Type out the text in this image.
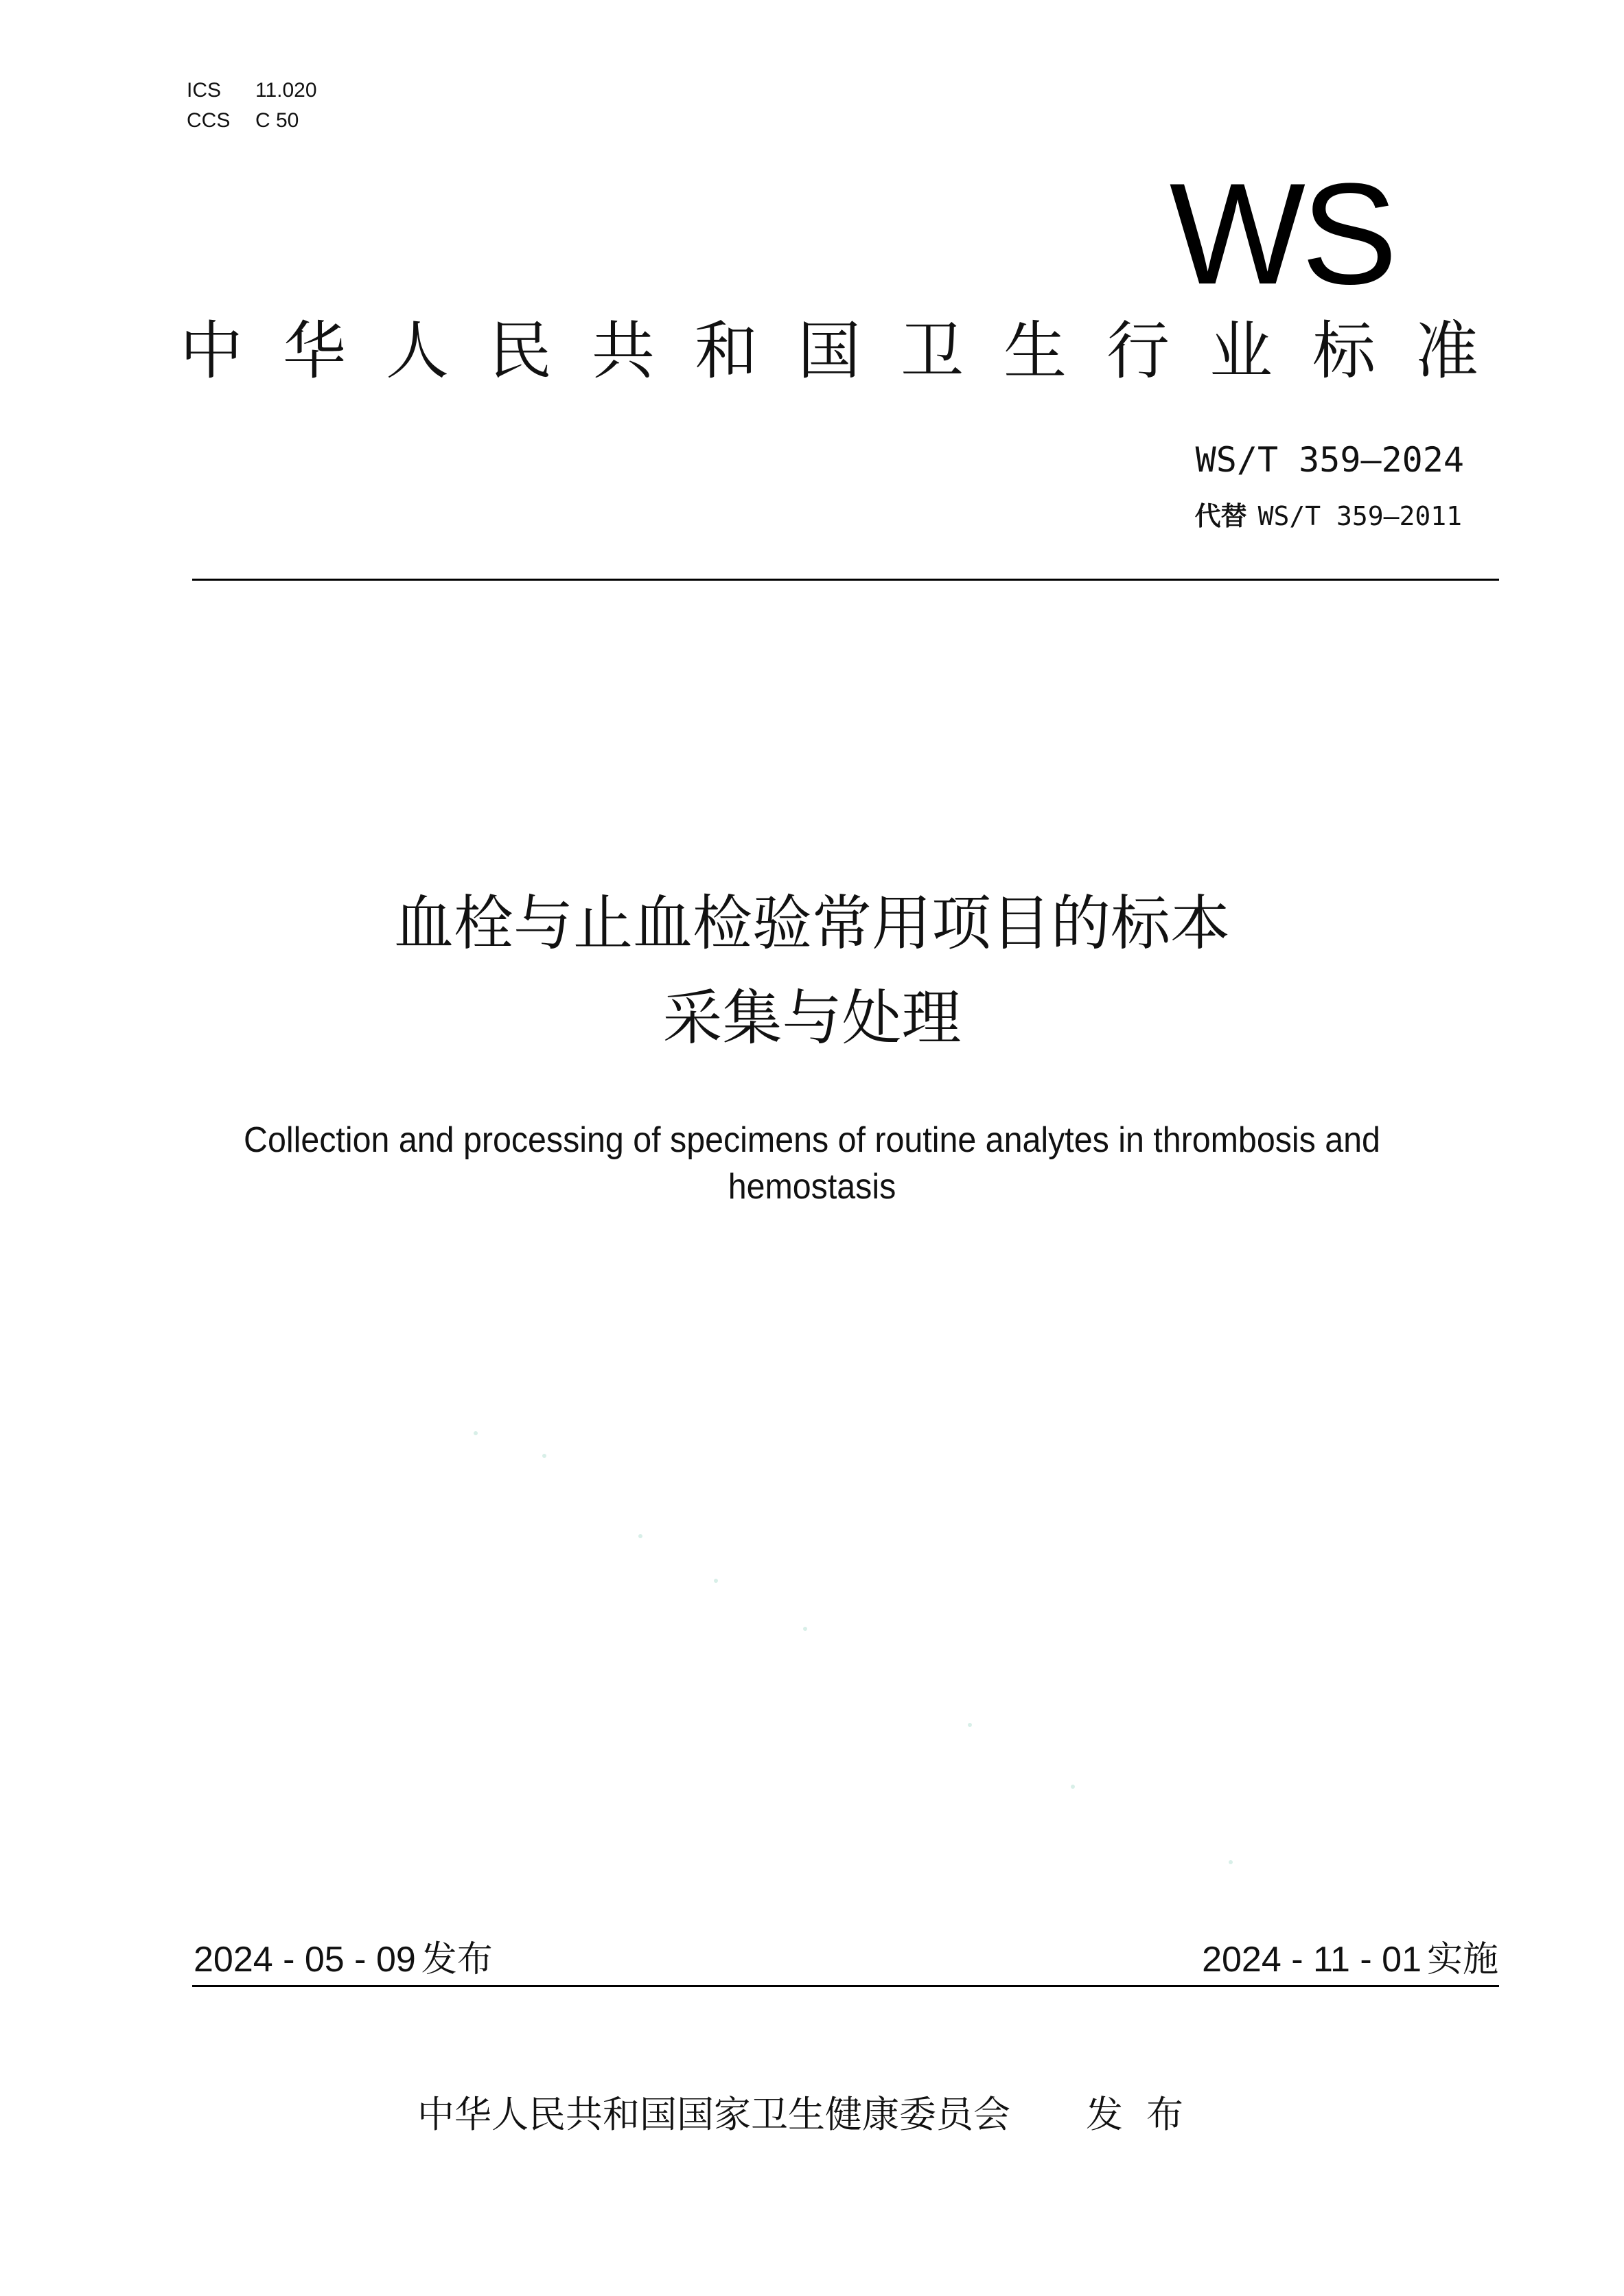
ICS 11.020
CCS C 50
WS
中华人民共和国卫生行业标准
WS/T 359—2024
代替 WS/T 359—2011
血栓与止血检验常用项目的标本
采集与处理
Collection and processing of specimens of routine analytes in thrombosis and
hemostasis
2024 - 05 - 09 发布	2024 - 11 - 01 实施
中华人民共和国国家卫生健康委员会 发布
